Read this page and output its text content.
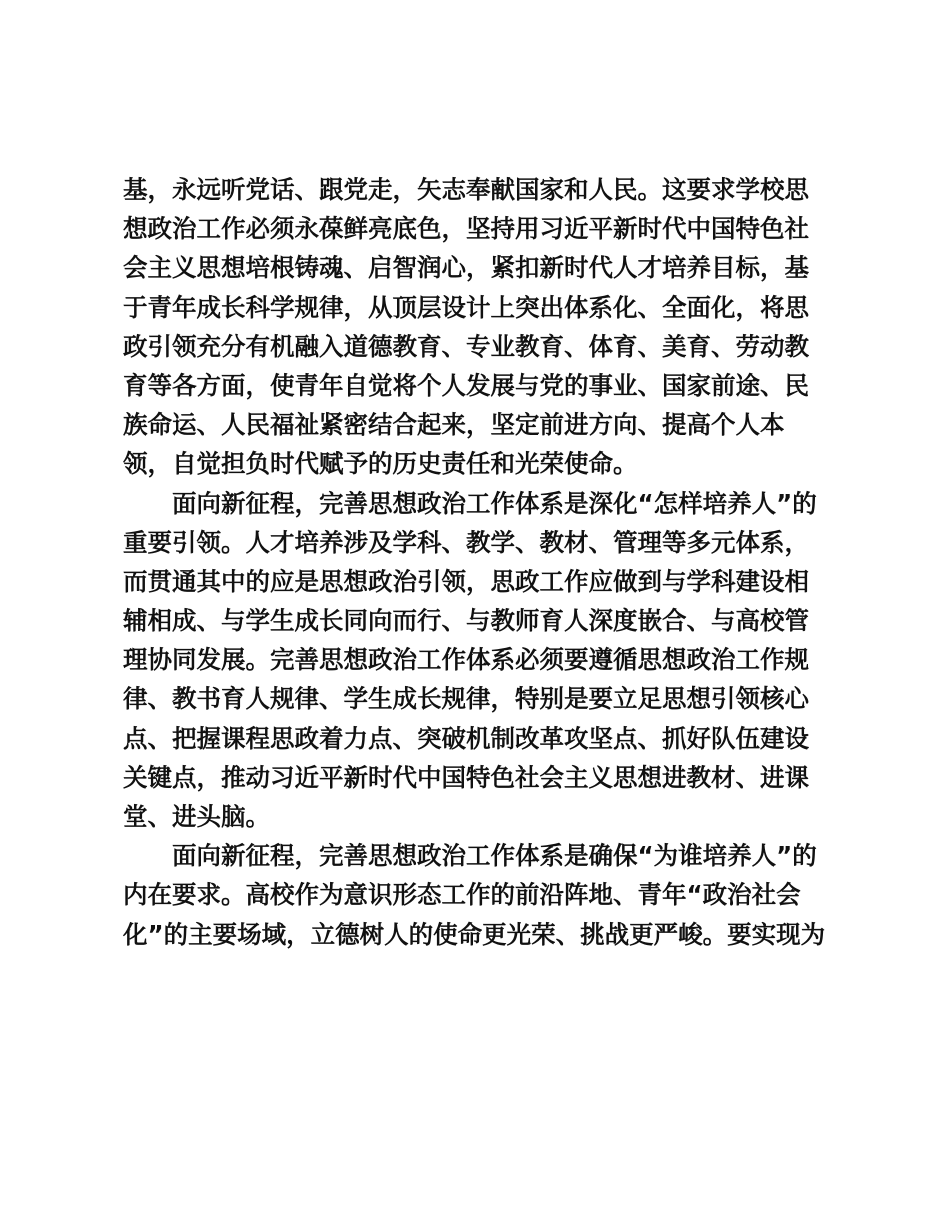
基，永远听党话、跟党走，矢志奉献国家和人民。这要求学校思
想政治工作必须永葆鲜亮底色，坚持用习近平新时代中国特色社
会主义思想培根铸魂、启智润心，紧扣新时代人才培养目标，基
于青年成长科学规律，从顶层设计上突出体系化、全面化，将思
政引领充分有机融入道德教育、专业教育、体育、美育、劳动教
育等各方面，使青年自觉将个人发展与党的事业、国家前途、民
族命运、人民福祉紧密结合起来，坚定前进方向、提高个人本
领，自觉担负时代赋予的历史责任和光荣使命。
面向新征程，完善思想政治工作体系是深化“怎样培养人”的
重要引领。人才培养涉及学科、教学、教材、管理等多元体系，
而贯通其中的应是思想政治引领，思政工作应做到与学科建设相
辅相成、与学生成长同向而行、与教师育人深度嵌合、与高校管
理协同发展。完善思想政治工作体系必须要遵循思想政治工作规
律、教书育人规律、学生成长规律，特别是要立足思想引领核心
点、把握课程思政着力点、突破机制改革攻坚点、抓好队伍建设
关键点，推动习近平新时代中国特色社会主义思想进教材、进课
堂、进头脑。
面向新征程，完善思想政治工作体系是确保“为谁培养人”的
内在要求。高校作为意识形态工作的前沿阵地、青年“政治社会
化”的主要场域，立德树人的使命更光荣、挑战更严峻。要实现为
